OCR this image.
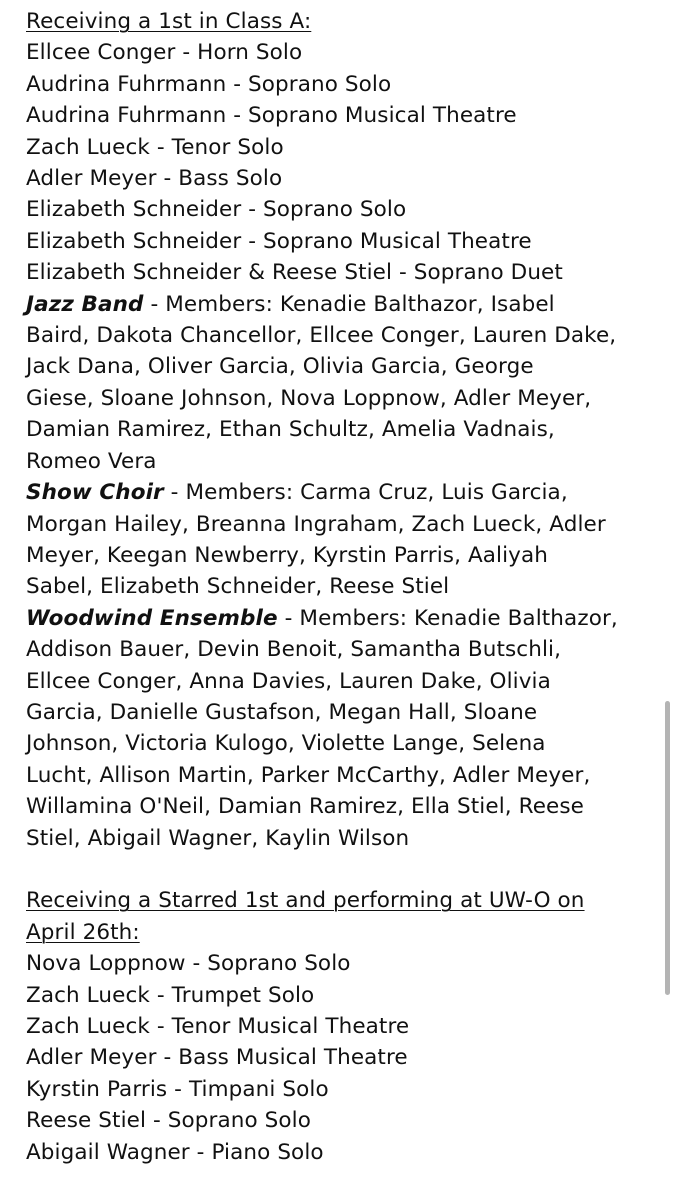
Receiving a 1st in Class A:
Ellcee Conger - Horn Solo
Audrina Fuhrmann - Soprano Solo
Audrina Fuhrmann - Soprano Musical Theatre
Zach Lueck - Tenor Solo
Adler Meyer - Bass Solo
Elizabeth Schneider - Soprano Solo
Elizabeth Schneider - Soprano Musical Theatre
Elizabeth Schneider & Reese Stiel - Soprano Duet
Jazz Band - Members: Kenadie Balthazor, Isabel
Baird, Dakota Chancellor, Ellcee Conger, Lauren Dake,
Jack Dana, Oliver Garcia, Olivia Garcia, George
Giese, Sloane Johnson, Nova Loppnow, Adler Meyer,
Damian Ramirez, Ethan Schultz, Amelia Vadnais,
Romeo Vera
Show Choir - Members: Carma Cruz, Luis Garcia,
Morgan Hailey, Breanna Ingraham, Zach Lueck, Adler
Meyer, Keegan Newberry, Kyrstin Parris, Aaliyah
Sabel, Elizabeth Schneider, Reese Stiel
Woodwind Ensemble - Members: Kenadie Balthazor,
Addison Bauer, Devin Benoit, Samantha Butschli,
Ellcee Conger, Anna Davies, Lauren Dake, Olivia
Garcia, Danielle Gustafson, Megan Hall, Sloane
Johnson, Victoria Kulogo, Violette Lange, Selena
Lucht, Allison Martin, Parker McCarthy, Adler Meyer,
Willamina O'Neil, Damian Ramirez, Ella Stiel, Reese
Stiel, Abigail Wagner, Kaylin Wilson
Receiving a Starred 1st and performing at UW-O on
April 26th:
Nova Loppnow - Soprano Solo
Zach Lueck - Trumpet Solo
Zach Lueck - Tenor Musical Theatre
Adler Meyer - Bass Musical Theatre
Kyrstin Parris - Timpani Solo
Reese Stiel - Soprano Solo
Abigail Wagner - Piano Solo
